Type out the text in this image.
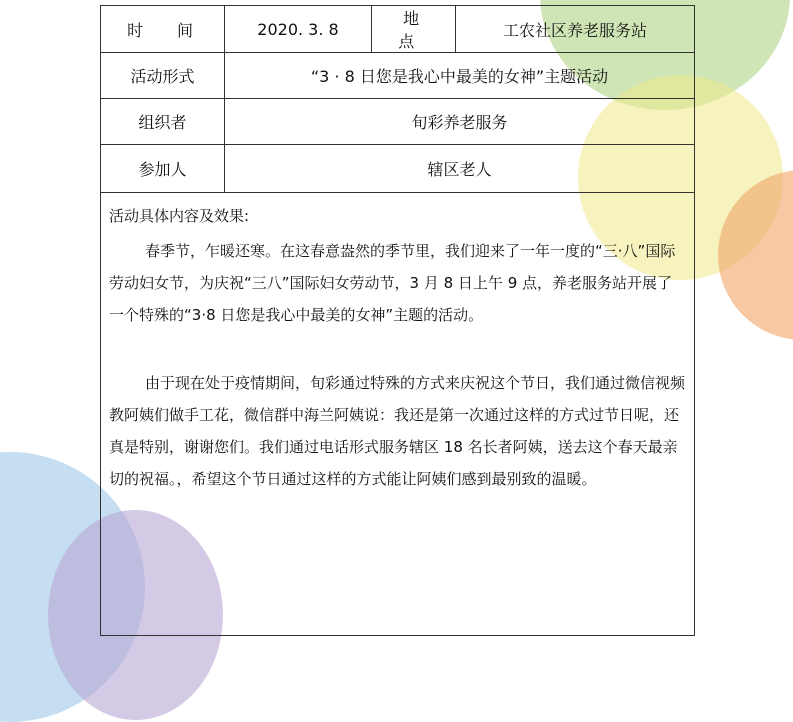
时 间	2020. 3. 8	地 点	工农社区养老服务站
活动形式	“3 · 8 日您是我心中最美的女神”主题活动		
组织者	旬彩养老服务		
参加人	辖区老人		

活动具体内容及效果:

春季节，乍暖还寒。在这春意盎然的季节里，我们迎来了一年一度的“三·八”国际劳动妇女节，为庆祝“三八”国际妇女劳动节，3 月 8 日上午 9 点，养老服务站开展了一个特殊的“3·8 日您是我心中最美的女神”主题的活动。

由于现在处于疫情期间，旬彩通过特殊的方式来庆祝这个节日，我们通过微信视频教阿姨们做手工花，微信群中海兰阿姨说：我还是第一次通过这样的方式过节日呢，还真是特别，谢谢您们。我们通过电话形式服务辖区 18 名长者阿姨，送去这个春天最亲切的祝福。，希望这个节日通过这样的方式能让阿姨们感到最别致的温暖。			
